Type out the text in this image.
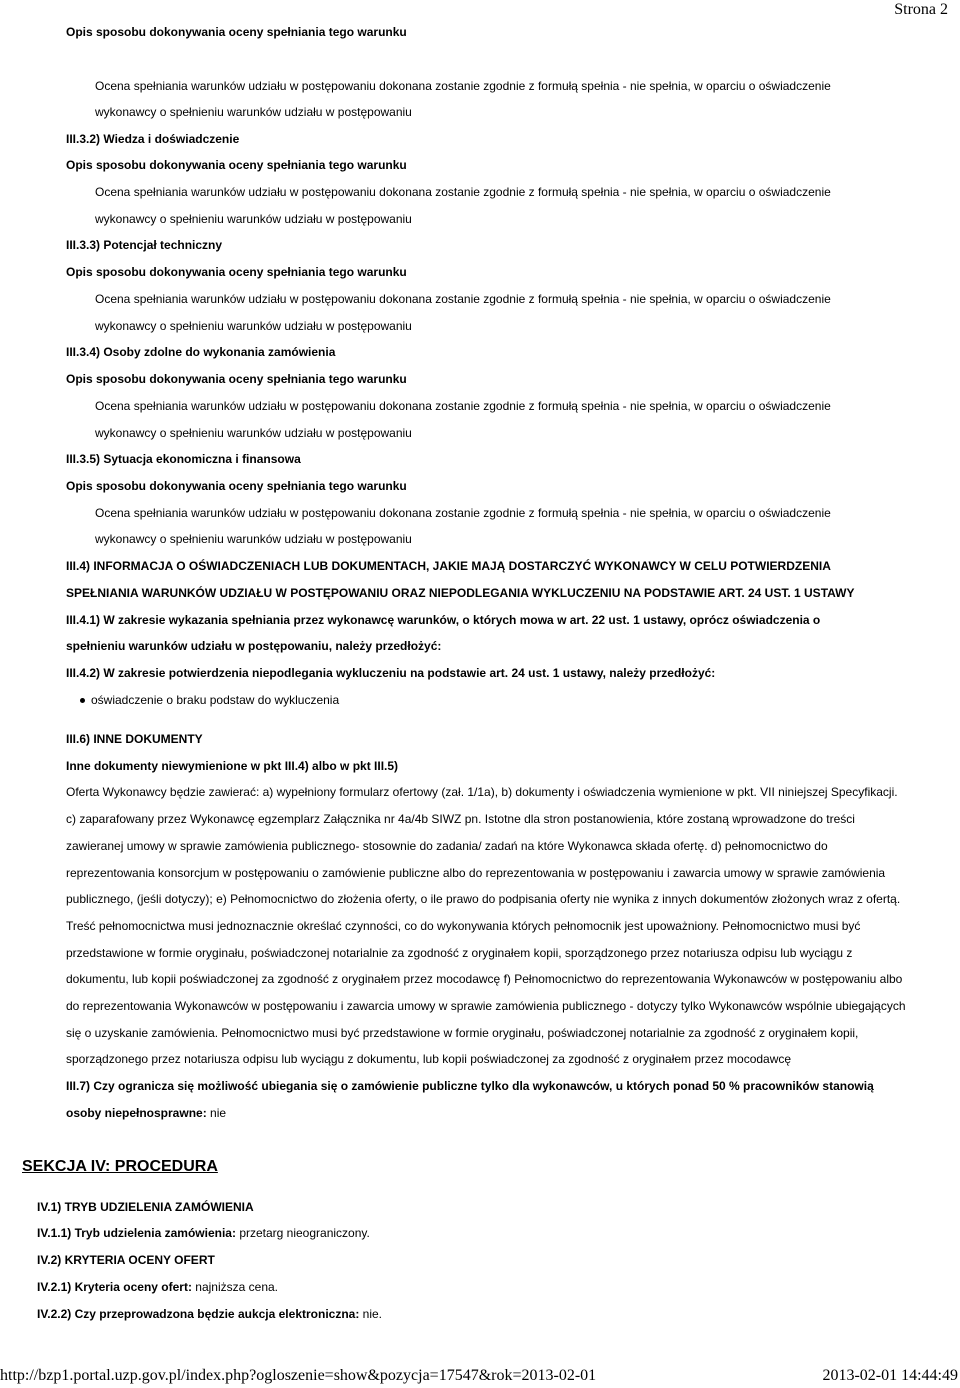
Strona 2
Opis sposobu dokonywania oceny spełniania tego warunku
Ocena spełniania warunków udziału w postępowaniu dokonana zostanie zgodnie z formułą spełnia - nie spełnia, w oparciu o oświadczenie
wykonawcy o spełnieniu warunków udziału w postępowaniu
III.3.2) Wiedza i doświadczenie
Opis sposobu dokonywania oceny spełniania tego warunku
Ocena spełniania warunków udziału w postępowaniu dokonana zostanie zgodnie z formułą spełnia - nie spełnia, w oparciu o oświadczenie
wykonawcy o spełnieniu warunków udziału w postępowaniu
III.3.3) Potencjał techniczny
Opis sposobu dokonywania oceny spełniania tego warunku
Ocena spełniania warunków udziału w postępowaniu dokonana zostanie zgodnie z formułą spełnia - nie spełnia, w oparciu o oświadczenie
wykonawcy o spełnieniu warunków udziału w postępowaniu
III.3.4) Osoby zdolne do wykonania zamówienia
Opis sposobu dokonywania oceny spełniania tego warunku
Ocena spełniania warunków udziału w postępowaniu dokonana zostanie zgodnie z formułą spełnia - nie spełnia, w oparciu o oświadczenie
wykonawcy o spełnieniu warunków udziału w postępowaniu
III.3.5) Sytuacja ekonomiczna i finansowa
Opis sposobu dokonywania oceny spełniania tego warunku
Ocena spełniania warunków udziału w postępowaniu dokonana zostanie zgodnie z formułą spełnia - nie spełnia, w oparciu o oświadczenie
wykonawcy o spełnieniu warunków udziału w postępowaniu
III.4) INFORMACJA O OŚWIADCZENIACH LUB DOKUMENTACH, JAKIE MAJĄ DOSTARCZYĆ WYKONAWCY W CELU POTWIERDZENIA
SPEŁNIANIA WARUNKÓW UDZIAŁU W POSTĘPOWANIU ORAZ NIEPODLEGANIA WYKLUCZENIU NA PODSTAWIE ART. 24 UST. 1 USTAWY
III.4.1) W zakresie wykazania spełniania przez wykonawcę warunków, o których mowa w art. 22 ust. 1 ustawy, oprócz oświadczenia o
spełnieniu warunków udziału w postępowaniu, należy przedłożyć:
III.4.2) W zakresie potwierdzenia niepodlegania wykluczeniu na podstawie art. 24 ust. 1 ustawy, należy przedłożyć:
oświadczenie o braku podstaw do wykluczenia
III.6) INNE DOKUMENTY
Inne dokumenty niewymienione w pkt III.4) albo w pkt III.5)
Oferta Wykonawcy będzie zawierać: a) wypełniony formularz ofertowy (zał. 1/1a), b) dokumenty i oświadczenia wymienione w pkt. VII niniejszej Specyfikacji.
c) zaparafowany przez Wykonawcę egzemplarz Załącznika nr 4a/4b SIWZ pn. Istotne dla stron postanowienia, które zostaną wprowadzone do treści
zawieranej umowy w sprawie zamówienia publicznego- stosownie do zadania/ zadań na które Wykonawca składa ofertę. d) pełnomocnictwo do
reprezentowania konsorcjum w postępowaniu o zamówienie publiczne albo do reprezentowania w postępowaniu i zawarcia umowy w sprawie zamówienia
publicznego, (jeśli dotyczy); e) Pełnomocnictwo do złożenia oferty, o ile prawo do podpisania oferty nie wynika z innych dokumentów złożonych wraz z ofertą.
Treść pełnomocnictwa musi jednoznacznie określać czynności, co do wykonywania których pełnomocnik jest upoważniony. Pełnomocnictwo musi być
przedstawione w formie oryginału, poświadczonej notarialnie za zgodność z oryginałem kopii, sporządzonego przez notariusza odpisu lub wyciągu z
dokumentu, lub kopii poświadczonej za zgodność z oryginałem przez mocodawcę f) Pełnomocnictwo do reprezentowania Wykonawców w postępowaniu albo
do reprezentowania Wykonawców w postępowaniu i zawarcia umowy w sprawie zamówienia publicznego - dotyczy tylko Wykonawców wspólnie ubiegających
się o uzyskanie zamówienia. Pełnomocnictwo musi być przedstawione w formie oryginału, poświadczonej notarialnie za zgodność z oryginałem kopii,
sporządzonego przez notariusza odpisu lub wyciągu z dokumentu, lub kopii poświadczonej za zgodność z oryginałem przez mocodawcę
III.7) Czy ogranicza się możliwość ubiegania się o zamówienie publiczne tylko dla wykonawców, u których ponad 50 % pracowników stanowią
osoby niepełnosprawne: nie
SEKCJA IV: PROCEDURA
IV.1) TRYB UDZIELENIA ZAMÓWIENIA
IV.1.1) Tryb udzielenia zamówienia: przetarg nieograniczony.
IV.2) KRYTERIA OCENY OFERT
IV.2.1) Kryteria oceny ofert: najniższa cena.
IV.2.2) Czy przeprowadzona będzie aukcja elektroniczna: nie.
http://bzp1.portal.uzp.gov.pl/index.php?ogloszenie=show&pozycja=17547&rok=2013-02-01	2013-02-01 14:44:49
